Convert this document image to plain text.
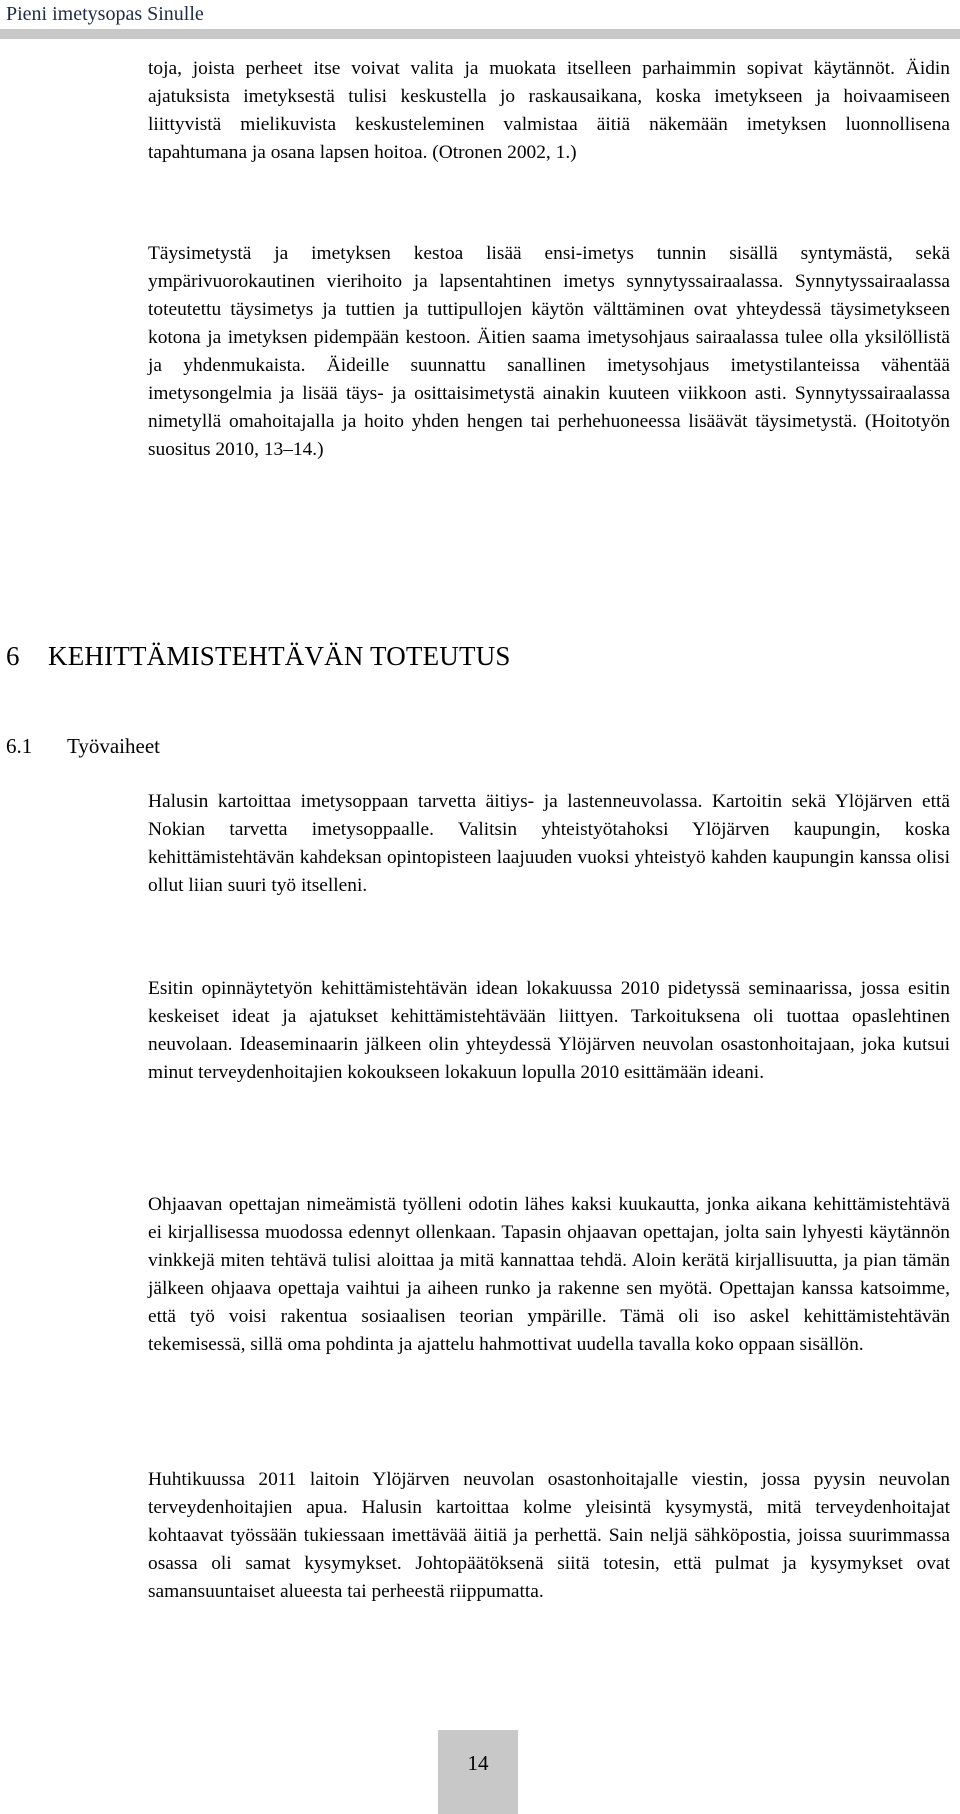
Pieni imetysopas Sinulle

toja, joista perheet itse voivat valita ja muokata itselleen parhaimmin sopivat käytännöt. Äidin ajatuksista imetyksestä tulisi keskustella jo raskausaikana, koska imetykseen ja hoivaamiseen liittyvistä mielikuvista keskusteleminen valmistaa äitiä näkemään imetyksen luonnollisena tapahtumana ja osana lapsen hoitoa. (Otronen 2002, 1.)

Täysimetystä ja imetyksen kestoa lisää ensi-imetys tunnin sisällä syntymästä, sekä ympärivuorokautinen vierihoito ja lapsentahtinen imetys synnytyssairaalassa. Synnytyssairaalassa toteutettu täysimetys ja tuttien ja tuttipullojen käytön välttäminen ovat yhteydessä täysimetykseen kotona ja imetyksen pidempään kestoon. Äitien saama imetysohjaus sairaalassa tulee olla yksilöllistä ja yhdenmukaista. Äideille suunnattu sanallinen imetysohjaus imetystilanteissa vähentää imetysongelmia ja lisää täys- ja osittaisimetystä ainakin kuuteen viikkoon asti. Synnytyssairaalassa nimetyllä omahoitajalla ja hoito yhden hengen tai perhehuoneessa lisäävät täysimetystä. (Hoitotyön suositus 2010, 13–14.)

6 KEHITTÄMISTEHTÄVÄN TOTEUTUS
6.1 Työvaiheet

Halusin kartoittaa imetysoppaan tarvetta äitiys- ja lastenneuvolassa. Kartoitin sekä Ylöjärven että Nokian tarvetta imetysoppaalle. Valitsin yhteistyötahoksi Ylöjärven kaupungin, koska kehittämistehtävän kahdeksan opintopisteen laajuuden vuoksi yhteistyö kahden kaupungin kanssa olisi ollut liian suuri työ itselleni.

Esitin opinnäytetyön kehittämistehtävän idean lokakuussa 2010 pidetyssä seminaarissa, jossa esitin keskeiset ideat ja ajatukset kehittämistehtävään liittyen. Tarkoituksena oli tuottaa opaslehtinen neuvolaan. Ideaseminaarin jälkeen olin yhteydessä Ylöjärven neuvolan osastonhoitajaan, joka kutsui minut terveydenhoitajien kokoukseen lokakuun lopulla 2010 esittämään ideani.

Ohjaavan opettajan nimeämistä työlleni odotin lähes kaksi kuukautta, jonka aikana kehittämistehtävä ei kirjallisessa muodossa edennyt ollenkaan. Tapasin ohjaavan opettajan, jolta sain lyhyesti käytännön vinkkejä miten tehtävä tulisi aloittaa ja mitä kannattaa tehdä. Aloin kerätä kirjallisuutta, ja pian tämän jälkeen ohjaava opettaja vaihtui ja aiheen runko ja rakenne sen myötä. Opettajan kanssa katsoimme, että työ voisi rakentua sosiaalisen teorian ympärille. Tämä oli iso askel kehittämistehtävän tekemisessä, sillä oma pohdinta ja ajattelu hahmottivat uudella tavalla koko oppaan sisällön.

Huhtikuussa 2011 laitoin Ylöjärven neuvolan osastonhoitajalle viestin, jossa pyysin neuvolan terveydenhoitajien apua. Halusin kartoittaa kolme yleisintä kysymystä, mitä terveydenhoitajat kohtaavat työssään tukiessaan imettävää äitiä ja perhettä. Sain neljä sähköpostia, joissa suurimmassa osassa oli samat kysymykset. Johtopäätöksenä siitä totesin, että pulmat ja kysymykset ovat samansuuntaiset alueesta tai perheestä riippumatta.

14
